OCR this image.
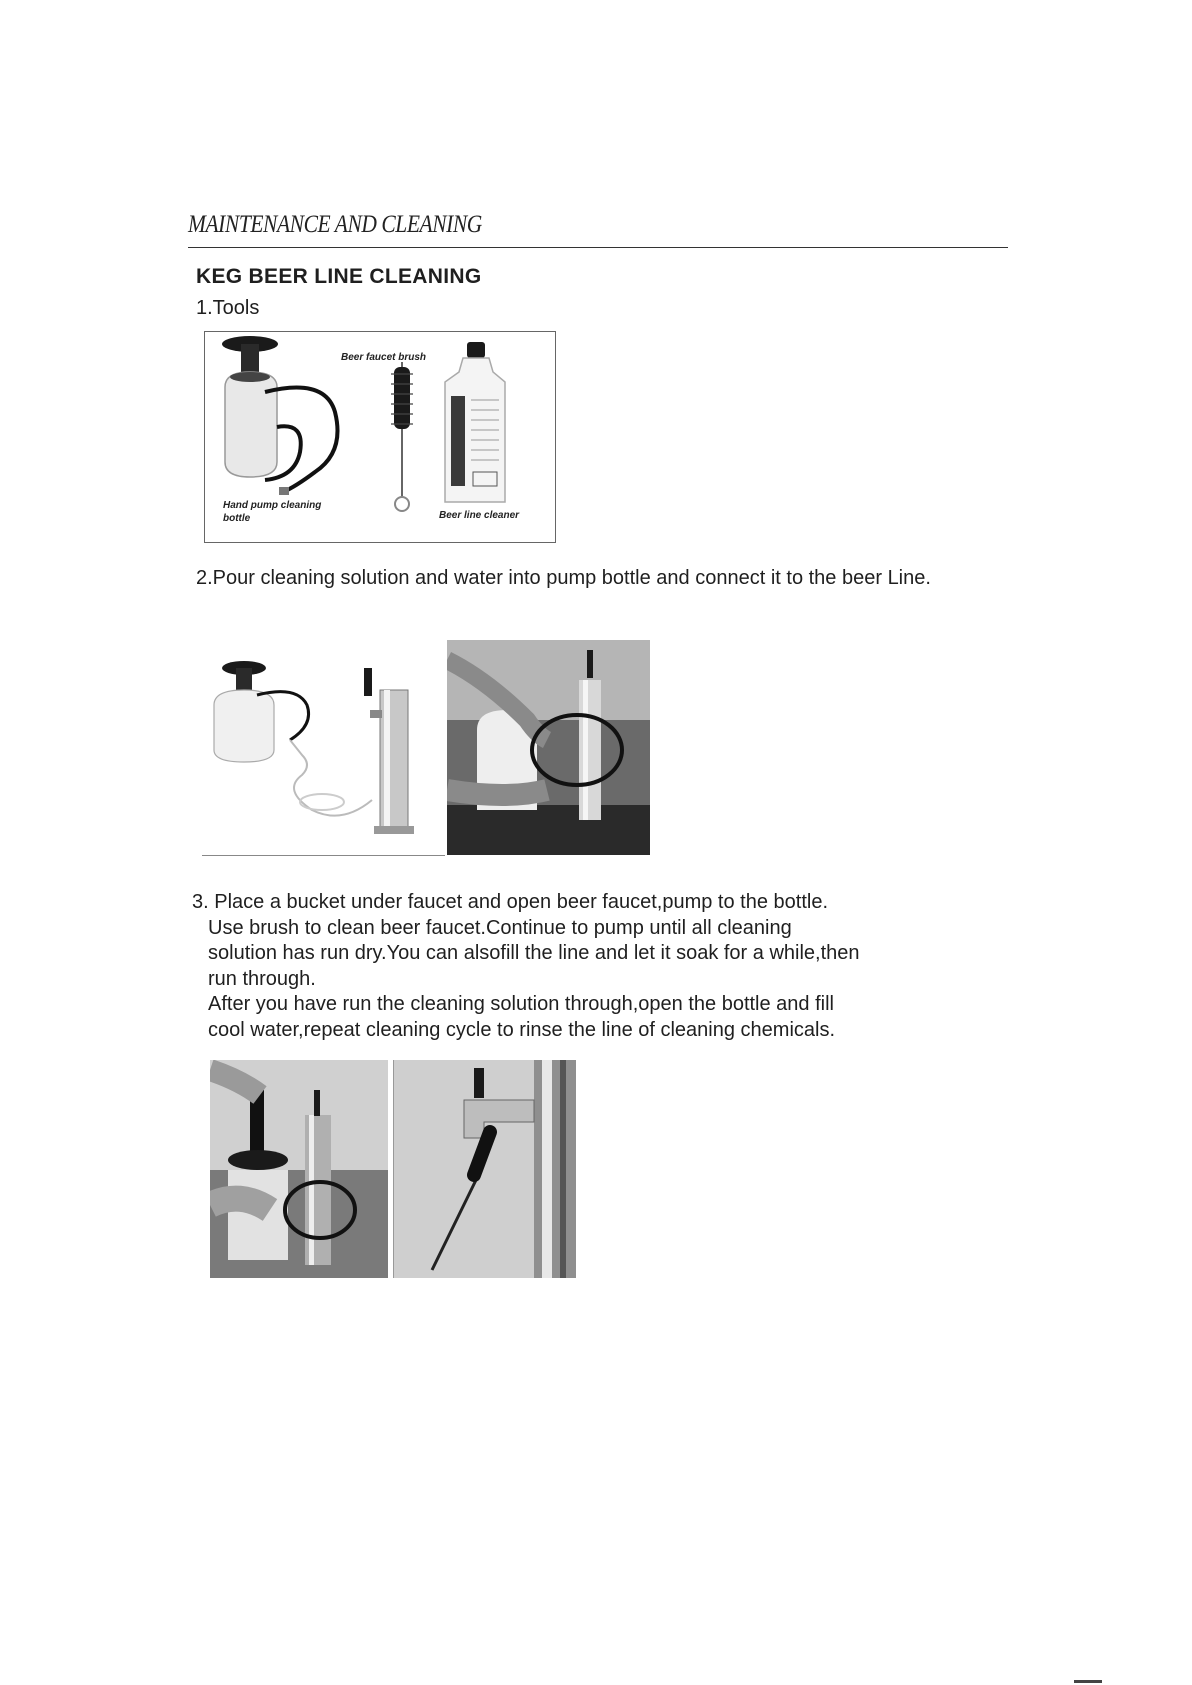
MAINTENANCE AND CLEANING
KEG BEER LINE CLEANING

1.Tools

Beer faucet brush
Hand pump cleaning
bottle	Beer line cleaner

2.Pour cleaning solution and water into pump bottle and connect it to the beer Line.

3. Place a bucket under faucet and open beer faucet,pump to the bottle.
Use brush to clean beer faucet.Continue to pump until all cleaning
solution has run dry.You can alsofill the line and let it soak for a while,then
run through.
After you have run the cleaning solution through,open the bottle and fill
cool water,repeat cleaning cycle to rinse the line of cleaning chemicals.
